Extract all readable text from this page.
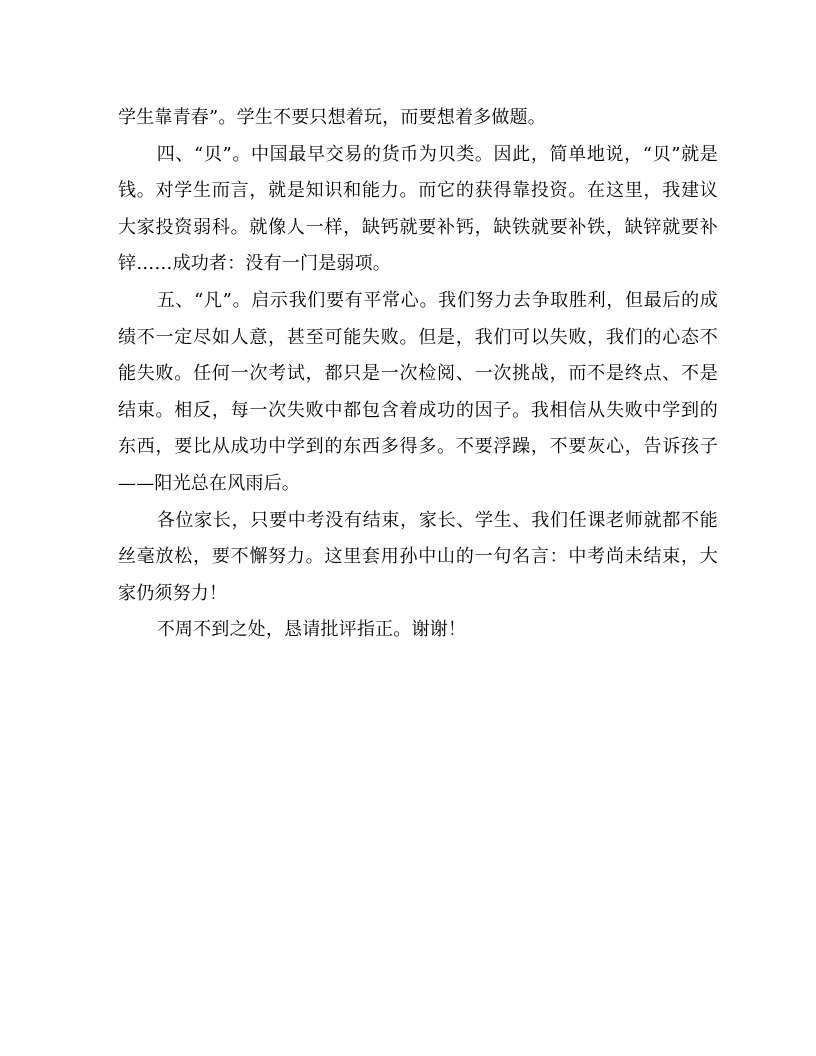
学生靠青春”。学生不要只想着玩，而要想着多做题。

四、“贝”。中国最早交易的货币为贝类。因此，简单地说，“贝”就是钱。对学生而言，就是知识和能力。而它的获得靠投资。在这里，我建议大家投资弱科。就像人一样，缺钙就要补钙，缺铁就要补铁，缺锌就要补锌……成功者：没有一门是弱项。

五、“凡”。启示我们要有平常心。我们努力去争取胜利，但最后的成绩不一定尽如人意，甚至可能失败。但是，我们可以失败，我们的心态不能失败。任何一次考试，都只是一次检阅、一次挑战，而不是终点、不是结束。相反，每一次失败中都包含着成功的因子。我相信从失败中学到的东西，要比从成功中学到的东西多得多。不要浮躁，不要灰心，告诉孩子——阳光总在风雨后。

各位家长，只要中考没有结束，家长、学生、我们任课老师就都不能丝毫放松，要不懈努力。这里套用孙中山的一句名言：中考尚未结束，大家仍须努力！

不周不到之处，恳请批评指正。谢谢！
